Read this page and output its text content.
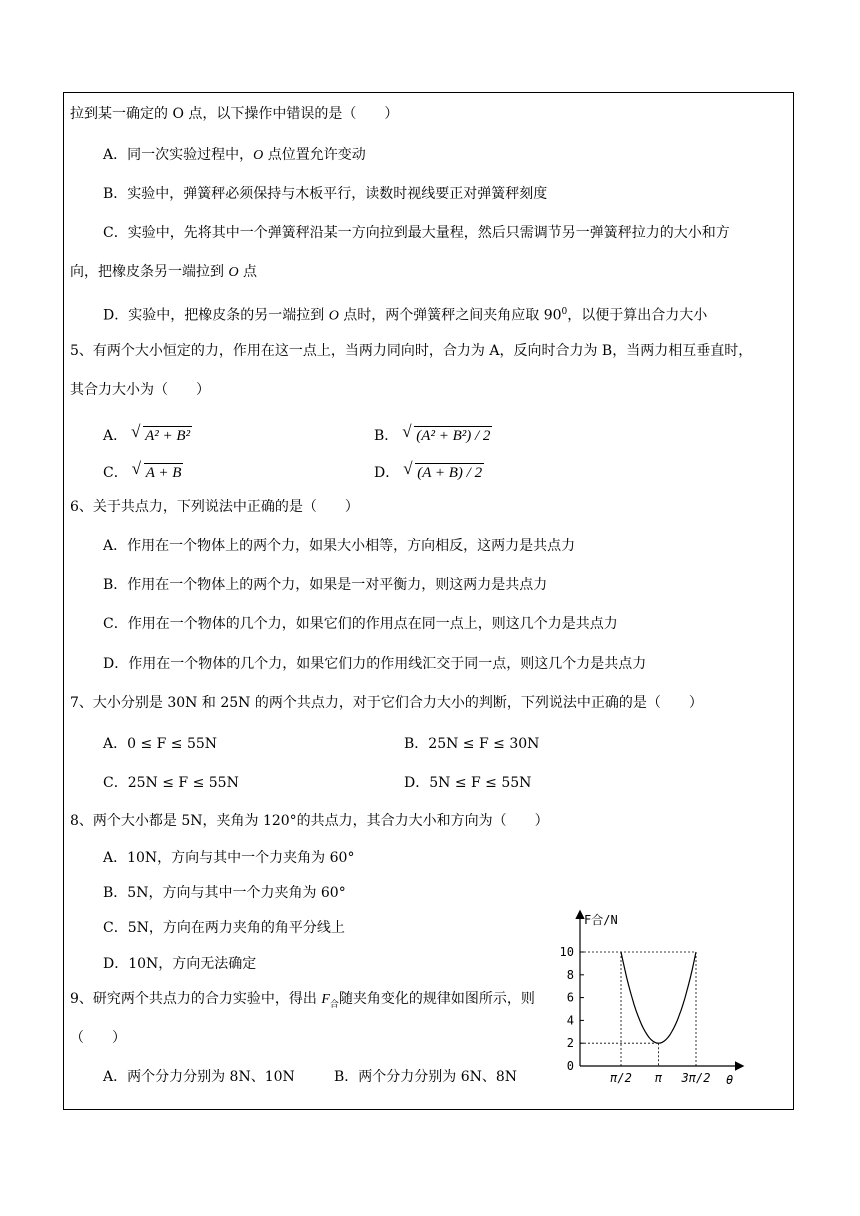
拉到某一确定的 O 点，以下操作中错误的是（　　）
A．同一次实验过程中，O 点位置允许变动
B．实验中，弹簧秤必须保持与木板平行，读数时视线要正对弹簧秤刻度
C．实验中，先将其中一个弹簧秤沿某一方向拉到最大量程，然后只需调节另一弹簧秤拉力的大小和方
向，把橡皮条另一端拉到 O 点
D．实验中，把橡皮条的另一端拉到 O 点时，两个弹簧秤之间夹角应取 $90^0$，以便于算出合力大小
5、有两个大小恒定的力，作用在这一点上，当两力同向时，合力为 A，反向时合力为 B，当两力相互垂直时，
其合力大小为（　　）
A． √ A² + B²	B． √ (A² + B²) / 2
C． √ A + B	D． √ (A + B) / 2
6、关于共点力，下列说法中正确的是（　　）
A．作用在一个物体上的两个力，如果大小相等，方向相反，这两力是共点力
B．作用在一个物体上的两个力，如果是一对平衡力，则这两力是共点力
C．作用在一个物体的几个力，如果它们的作用点在同一点上，则这几个力是共点力
D．作用在一个物体的几个力，如果它们力的作用线汇交于同一点，则这几个力是共点力
7、大小分别是 30N 和 25N 的两个共点力，对于它们合力大小的判断，下列说法中正确的是（　　）
A．0 ≤ F ≤ 55N	B．25N ≤ F ≤ 30N
C．25N ≤ F ≤ 55N	D．5N ≤ F ≤ 55N
8、两个大小都是 5N，夹角为 120°的共点力，其合力大小和方向为（　　）
A．10N，方向与其中一个力夹角为 60°
B．5N，方向与其中一个力夹角为 60°
C．5N，方向在两力夹角的角平分线上
D．10N，方向无法确定
9、研究两个共点力的合力实验中，得出 $F_合$随夹角变化的规律如图所示，则
（　　）
A．两个分力分别为 8N、10N	B．两个分力分别为 6N、8N
F合/N
θ
0
2
4
6
8
10
π/2 π 3π/2
